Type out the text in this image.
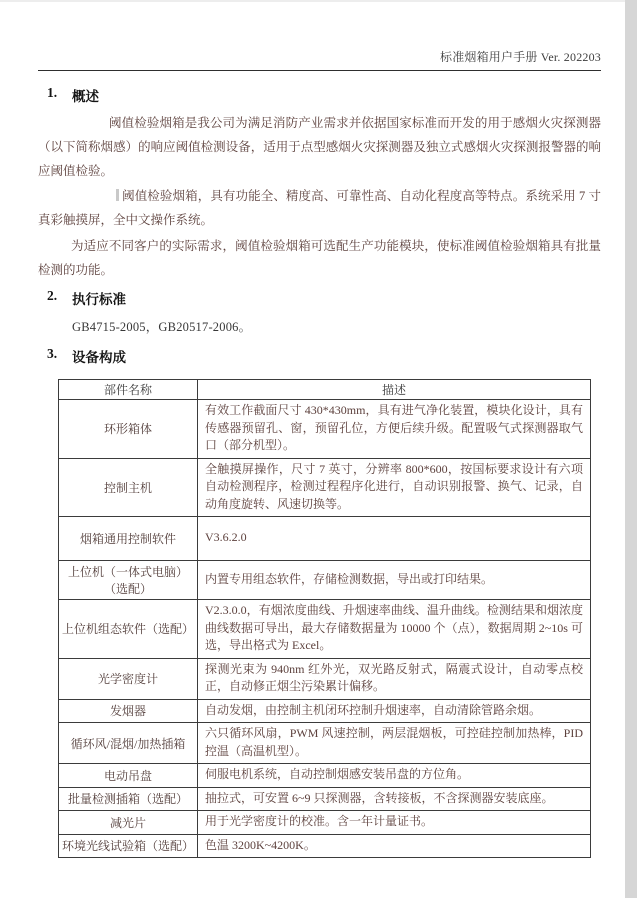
标准烟箱用户手册 Ver. 202203
1.	概述

阈值检验烟箱是我公司为满足消防产业需求并依据国家标准而开发的用于感烟火灾探测器（以下简称烟感）的响应阈值检测设备，适用于点型感烟火灾探测器及独立式感烟火灾探测报警器的响应阈值检验。

阈值检验烟箱，具有功能全、精度高、可靠性高、自动化程度高等特点。系统采用 7 寸真彩触摸屏，全中文操作系统。

为适应不同客户的实际需求，阈值检验烟箱可选配生产功能模块，使标准阈值检验烟箱具有批量检测的功能。

2.	执行标准
GB4715-2005，GB20517-2006。
3.	设备构成
部件名称	描述
环形箱体	有效工作截面尺寸 430*430mm，具有进气净化装置，模块化设计，具有传感器预留孔、窗，预留孔位，方便后续升级。配置吸气式探测器取气口（部分机型）。
控制主机	全触摸屏操作，尺寸 7 英寸，分辨率 800*600，按国标要求设计有六项自动检测程序，检测过程程序化进行，自动识别报警、换气、记录，自动角度旋转、风速切换等。
烟箱通用控制软件	V3.6.2.0
上位机（一体式电脑）（选配）	内置专用组态软件，存储检测数据，导出或打印结果。
上位机组态软件（选配）	V2.3.0.0，有烟浓度曲线、升烟速率曲线、温升曲线。检测结果和烟浓度曲线数据可导出，最大存储数据量为 10000 个（点），数据周期 2~10s 可选，导出格式为 Excel。
光学密度计	探测光束为 940nm 红外光，双光路反射式，隔震式设计，自动零点校正，自动修正烟尘污染累计偏移。
发烟器	自动发烟，由控制主机闭环控制升烟速率，自动清除管路余烟。
循环风/混烟/加热插箱	六只循环风扇，PWM 风速控制，两层混烟板，可控硅控制加热棒，PID 控温（高温机型）。
电动吊盘	伺服电机系统，自动控制烟感安装吊盘的方位角。
批量检测插箱（选配）	抽拉式，可安置 6~9 只探测器，含转接板，不含探测器安装底座。
减光片	用于光学密度计的校准。含一年计量证书。
环境光线试验箱（选配）	色温 3200K~4200K。
